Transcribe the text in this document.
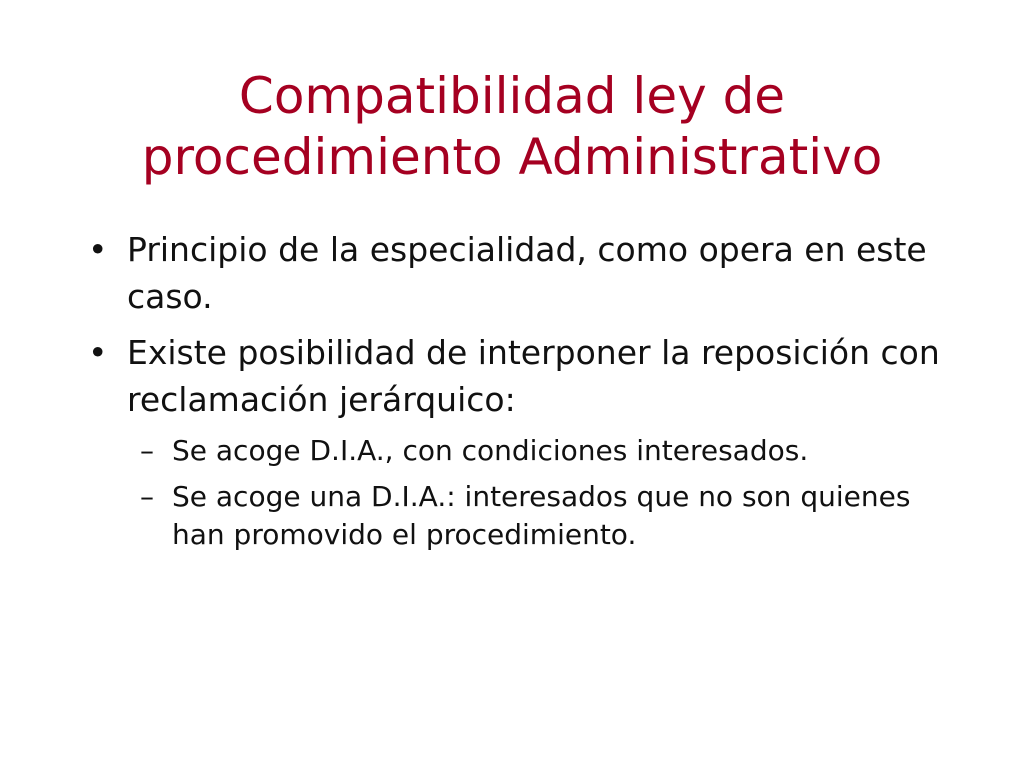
Compatibilidad ley de procedimiento Administrativo
• Principio de la especialidad, como opera en este caso.
• Existe posibilidad de interponer la reposición con reclamación jerárquico:
– Se acoge D.I.A., con condiciones interesados.
– Se acoge una D.I.A.: interesados que no son quienes han promovido el procedimiento.
